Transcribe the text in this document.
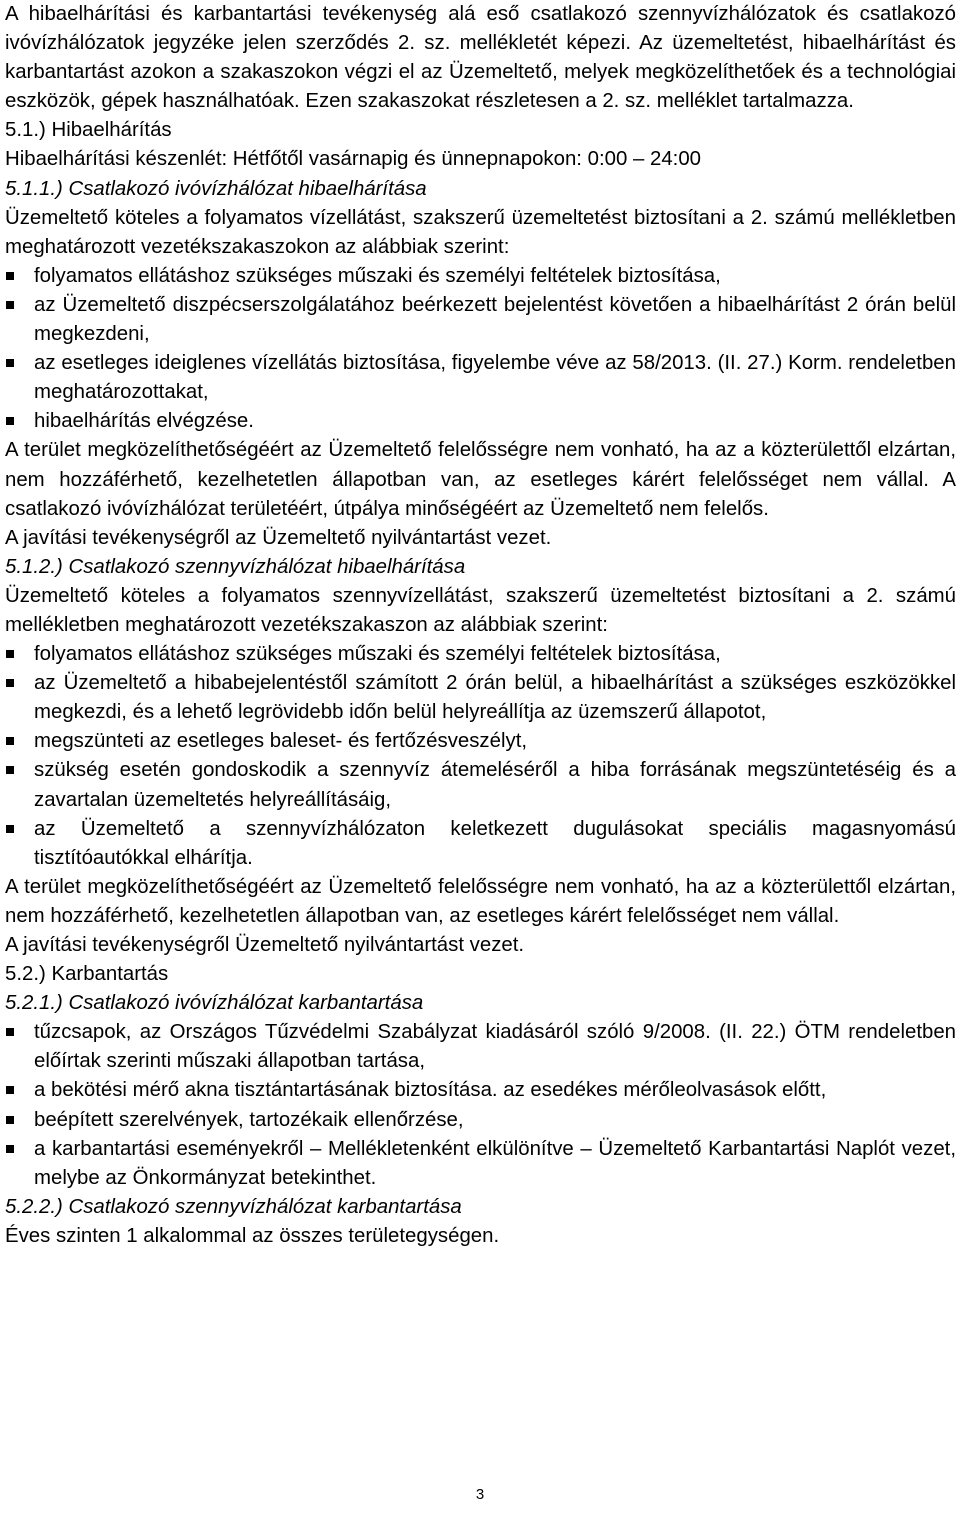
A hibaelhárítási és karbantartási tevékenység alá eső csatlakozó szennyvízhálózatok és csatlakozó ivóvízhálózatok jegyzéke jelen szerződés 2. sz. mellékletét képezi. Az üzemeltetést, hibaelhárítást és karbantartást azokon a szakaszokon végzi el az Üzemeltető, melyek megközelíthetőek és a technológiai eszközök, gépek használhatóak. Ezen szakaszokat részletesen a 2. sz. melléklet tartalmazza.

5.1.) Hibaelhárítás

Hibaelhárítási készenlét: Hétfőtől vasárnapig és ünnepnapokon: 0:00 – 24:00

5.1.1.) Csatlakozó ivóvízhálózat hibaelhárítása

Üzemeltető köteles a folyamatos vízellátást, szakszerű üzemeltetést biztosítani a 2. számú mellékletben meghatározott vezetékszakaszokon az alábbiak szerint:

folyamatos ellátáshoz szükséges műszaki és személyi feltételek biztosítása,
az Üzemeltető diszpécserszolgálatához beérkezett bejelentést követően a hibaelhárítást 2 órán belül megkezdeni,
az esetleges ideiglenes vízellátás biztosítása, figyelembe véve az 58/2013. (II. 27.) Korm. rendeletben meghatározottakat,
hibaelhárítás elvégzése.

A terület megközelíthetőségéért az Üzemeltető felelősségre nem vonható, ha az a közterülettől elzártan, nem hozzáférhető, kezelhetetlen állapotban van, az esetleges kárért felelősséget nem vállal. A csatlakozó ivóvízhálózat területéért, útpálya minőségéért az Üzemeltető nem felelős.

A javítási tevékenységről az Üzemeltető nyilvántartást vezet.

5.1.2.) Csatlakozó szennyvízhálózat hibaelhárítása

Üzemeltető köteles a folyamatos szennyvízellátást, szakszerű üzemeltetést biztosítani a 2. számú mellékletben meghatározott vezetékszakaszon az alábbiak szerint:

folyamatos ellátáshoz szükséges műszaki és személyi feltételek biztosítása,
az Üzemeltető a hibabejelentéstől számított 2 órán belül, a hibaelhárítást a szükséges eszközökkel megkezdi, és a lehető legrövidebb időn belül helyreállítja az üzemszerű állapotot,
megszünteti az esetleges baleset- és fertőzésveszélyt,
szükség esetén gondoskodik a szennyvíz átemeléséről a hiba forrásának megszüntetéséig és a zavartalan üzemeltetés helyreállításáig,
az Üzemeltető a szennyvízhálózaton keletkezett dugulásokat speciális magasnyomású tisztítóautókkal elhárítja.

A terület megközelíthetőségéért az Üzemeltető felelősségre nem vonható, ha az a közterülettől elzártan, nem hozzáférhető, kezelhetetlen állapotban van, az esetleges kárért felelősséget nem vállal.

A javítási tevékenységről Üzemeltető nyilvántartást vezet.

5.2.) Karbantartás

5.2.1.) Csatlakozó ivóvízhálózat karbantartása

tűzcsapok, az Országos Tűzvédelmi Szabályzat kiadásáról szóló 9/2008. (II. 22.) ÖTM rendeletben előírtak szerinti műszaki állapotban tartása,
a bekötési mérő akna tisztántartásának biztosítása. az esedékes mérőleolvasások előtt,
beépített szerelvények, tartozékaik ellenőrzése,
a karbantartási eseményekről – Mellékletenként elkülönítve – Üzemeltető Karbantartási Naplót vezet, melybe az Önkormányzat betekinthet.

5.2.2.) Csatlakozó szennyvízhálózat karbantartása

Éves szinten 1 alkalommal az összes területegységen.

3
